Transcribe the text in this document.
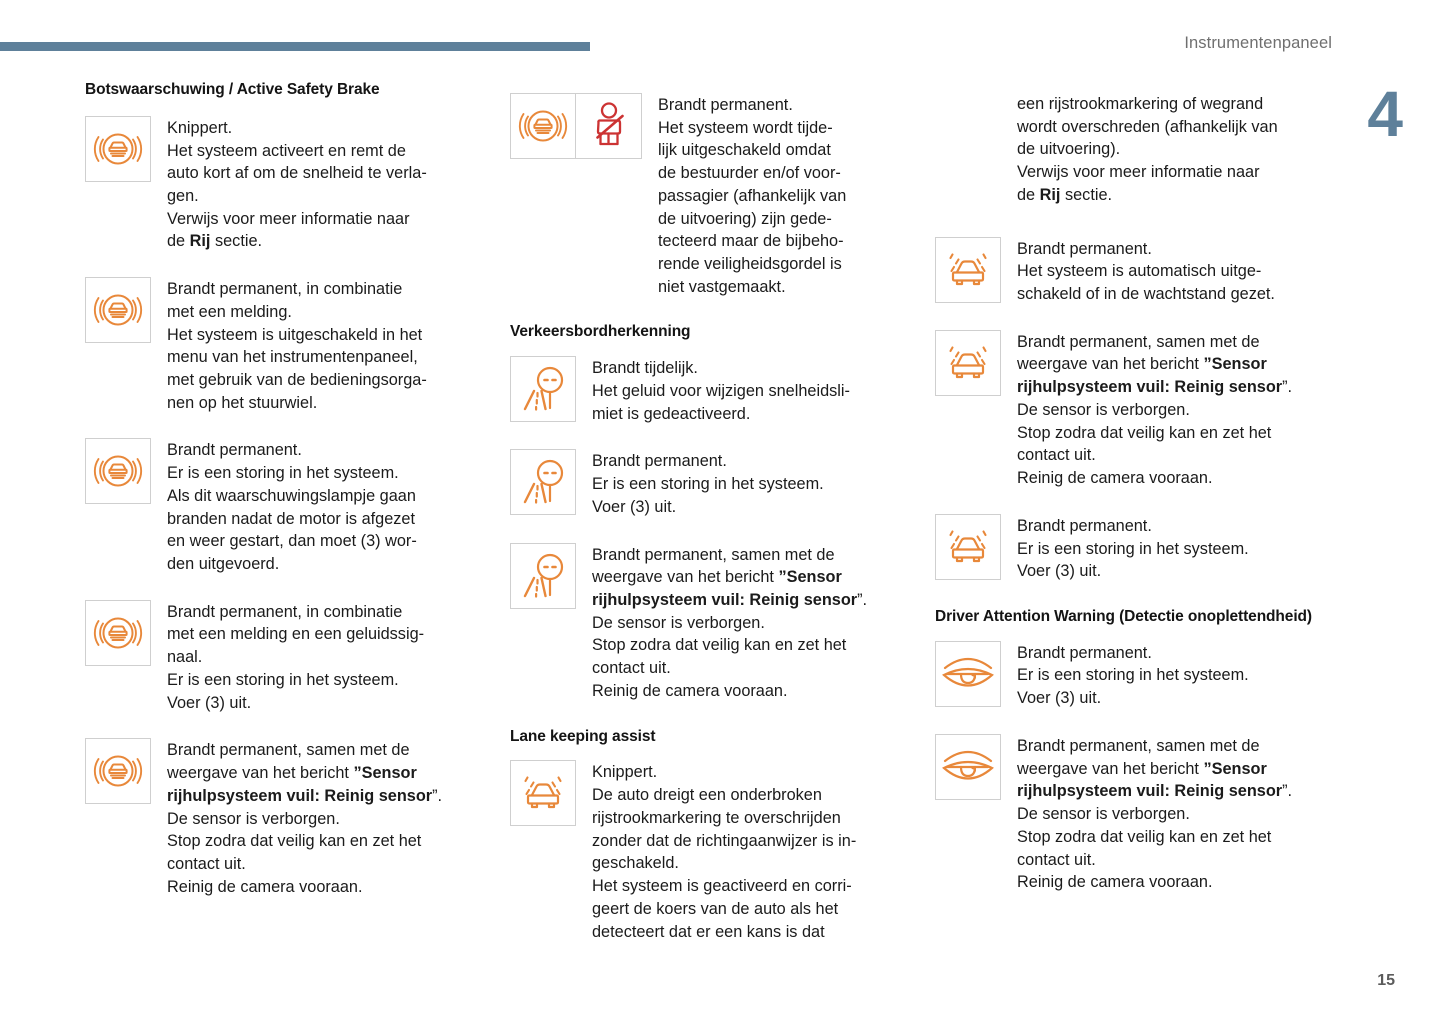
Instrumentenpaneel
4
15
Botswaarschuwing / Active Safety Brake
Knippert.
Het systeem activeert en remt de
auto kort af om de snelheid te verla-
gen.
Verwijs voor meer informatie naar
de Rij sectie.
Brandt permanent, in combinatie
met een melding.
Het systeem is uitgeschakeld in het
menu van het instrumentenpaneel,
met gebruik van de bedieningsorga-
nen op het stuurwiel.
Brandt permanent.
Er is een storing in het systeem.
Als dit waarschuwingslampje gaan
branden nadat de motor is afgezet
en weer gestart, dan moet (3) wor-
den uitgevoerd.
Brandt permanent, in combinatie
met een melding en een geluidssig-
naal.
Er is een storing in het systeem.
Voer (3) uit.
Brandt permanent, samen met de
weergave van het bericht ”Sensor
rijhulpsysteem vuil: Reinig sensor”.
De sensor is verborgen.
Stop zodra dat veilig kan en zet het
contact uit.
Reinig de camera vooraan.
Brandt permanent.
Het systeem wordt tijde-
lijk uitgeschakeld omdat
de bestuurder en/of voor-
passagier (afhankelijk van
de uitvoering) zijn gede-
tecteerd maar de bijbeho-
rende veiligheidsgordel is
niet vastgemaakt.
Verkeersbordherkenning
Brandt tijdelijk.
Het geluid voor wijzigen snelheidsli-
miet is gedeactiveerd.
Brandt permanent.
Er is een storing in het systeem.
Voer (3) uit.
Brandt permanent, samen met de
weergave van het bericht ”Sensor
rijhulpsysteem vuil: Reinig sensor”.
De sensor is verborgen.
Stop zodra dat veilig kan en zet het
contact uit.
Reinig de camera vooraan.
Lane keeping assist
Knippert.
De auto dreigt een onderbroken
rijstrookmarkering te overschrijden
zonder dat de richtingaanwijzer is in-
geschakeld.
Het systeem is geactiveerd en corri-
geert de koers van de auto als het
detecteert dat er een kans is dat

een rijstrookmarkering of wegrand
wordt overschreden (afhankelijk van
de uitvoering).
Verwijs voor meer informatie naar
de Rij sectie.

Brandt permanent.
Het systeem is automatisch uitge-
schakeld of in de wachtstand gezet.
Brandt permanent, samen met de
weergave van het bericht ”Sensor
rijhulpsysteem vuil: Reinig sensor”.
De sensor is verborgen.
Stop zodra dat veilig kan en zet het
contact uit.
Reinig de camera vooraan.
Brandt permanent.
Er is een storing in het systeem.
Voer (3) uit.
Driver Attention Warning (Detectie onoplettendheid)
Brandt permanent.
Er is een storing in het systeem.
Voer (3) uit.
Brandt permanent, samen met de
weergave van het bericht ”Sensor
rijhulpsysteem vuil: Reinig sensor”.
De sensor is verborgen.
Stop zodra dat veilig kan en zet het
contact uit.
Reinig de camera vooraan.
